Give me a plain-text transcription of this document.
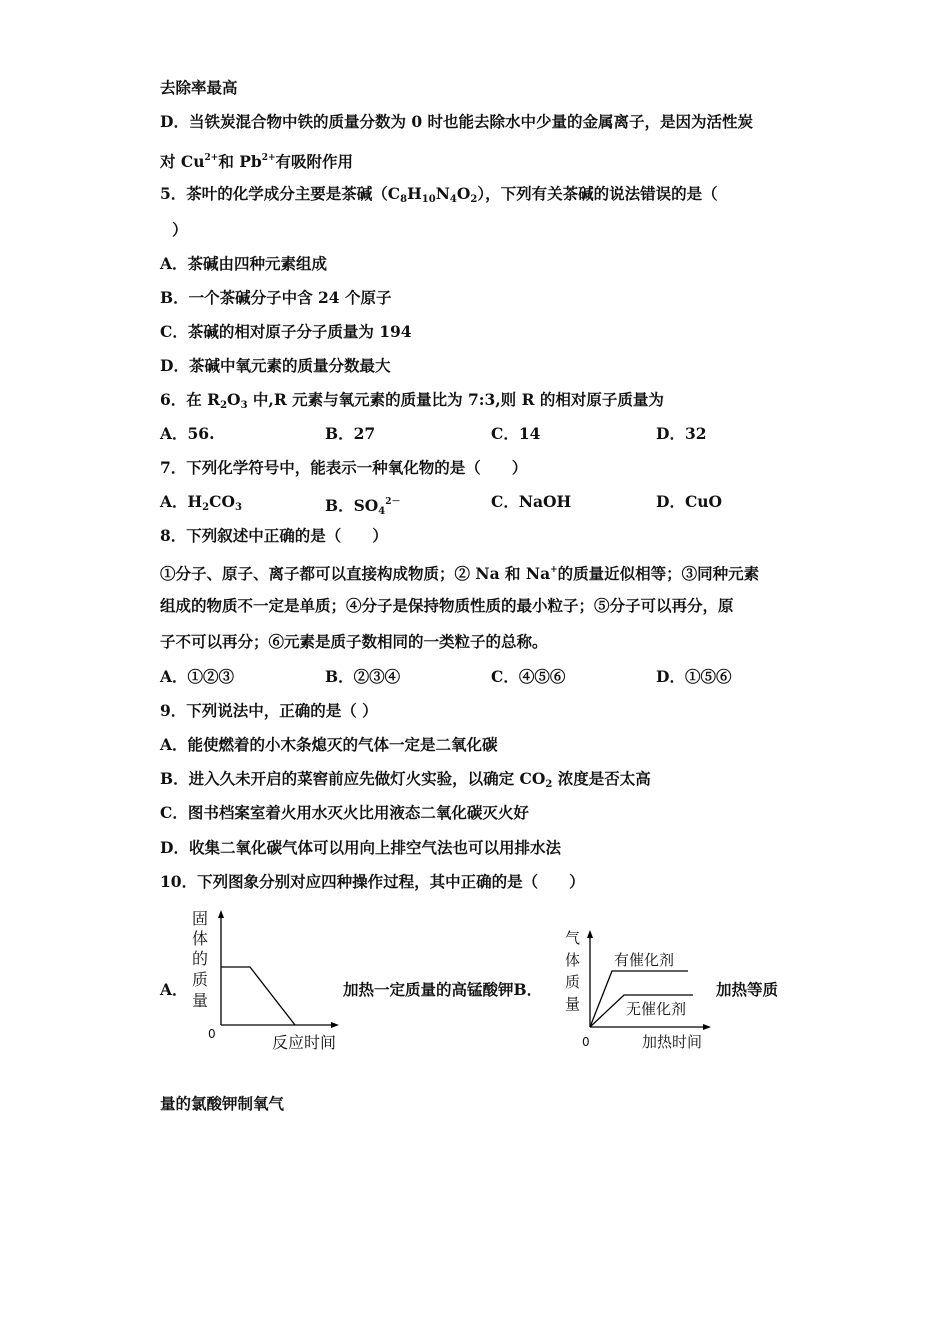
去除率最高
D．当铁炭混合物中铁的质量分数为 0 时也能去除水中少量的金属离子，是因为活性炭
对 $Cu^{2+}$和 $Pb^{2+}$有吸附作用
5．茶叶的化学成分主要是茶碱$(C_8H_{10}N_4O_2)$，下列有关茶碱的说法错误的是（
）
A．茶碱由四种元素组成
B．一个茶碱分子中含 24 个原子
C．茶碱的相对原子分子质量为 194
D．茶碱中氧元素的质量分数最大
6．在 $R_2O_3$ 中,R 元素与氧元素的质量比为 7:3,则 R 的相对原子质量为
A．56.	B．27	C．14	D．32
7．下列化学符号中，能表示一种氧化物的是（　　）
A．$H_2CO_3$	B．$SO_4^{2-}$	C．NaOH	D．CuO
8．下列叙述中正确的是（　　）
①分子、原子、离子都可以直接构成物质；② Na 和 Na+的质量近似相等；③同种元素
组成的物质不一定是单质；④分子是保持物质性质的最小粒子；⑤分子可以再分，原
子不可以再分；⑥元素是质子数相同的一类粒子的总称。
A．①②③	B．②③④	C．④⑤⑥	D．①⑤⑥
9．下列说法中，正确的是（ ）
A．能使燃着的小木条熄灭的气体一定是二氧化碳
B．进入久未开启的菜窖前应先做灯火实验，以确定 $CO_2$ 浓度是否太高
C．图书档案室着火用水灭火比用液态二氧化碳灭火好
D．收集二氧化碳气体可以用向上排空气法也可以用排水法
10．下列图象分别对应四种操作过程，其中正确的是（　　）
A．
固
体
的
质
量
0	反应时间
加热一定质量的高锰酸钾B．
气
体
质
量
0	加热时间
有催化剂
无催化剂
加热等质
量的氯酸钾制氧气
